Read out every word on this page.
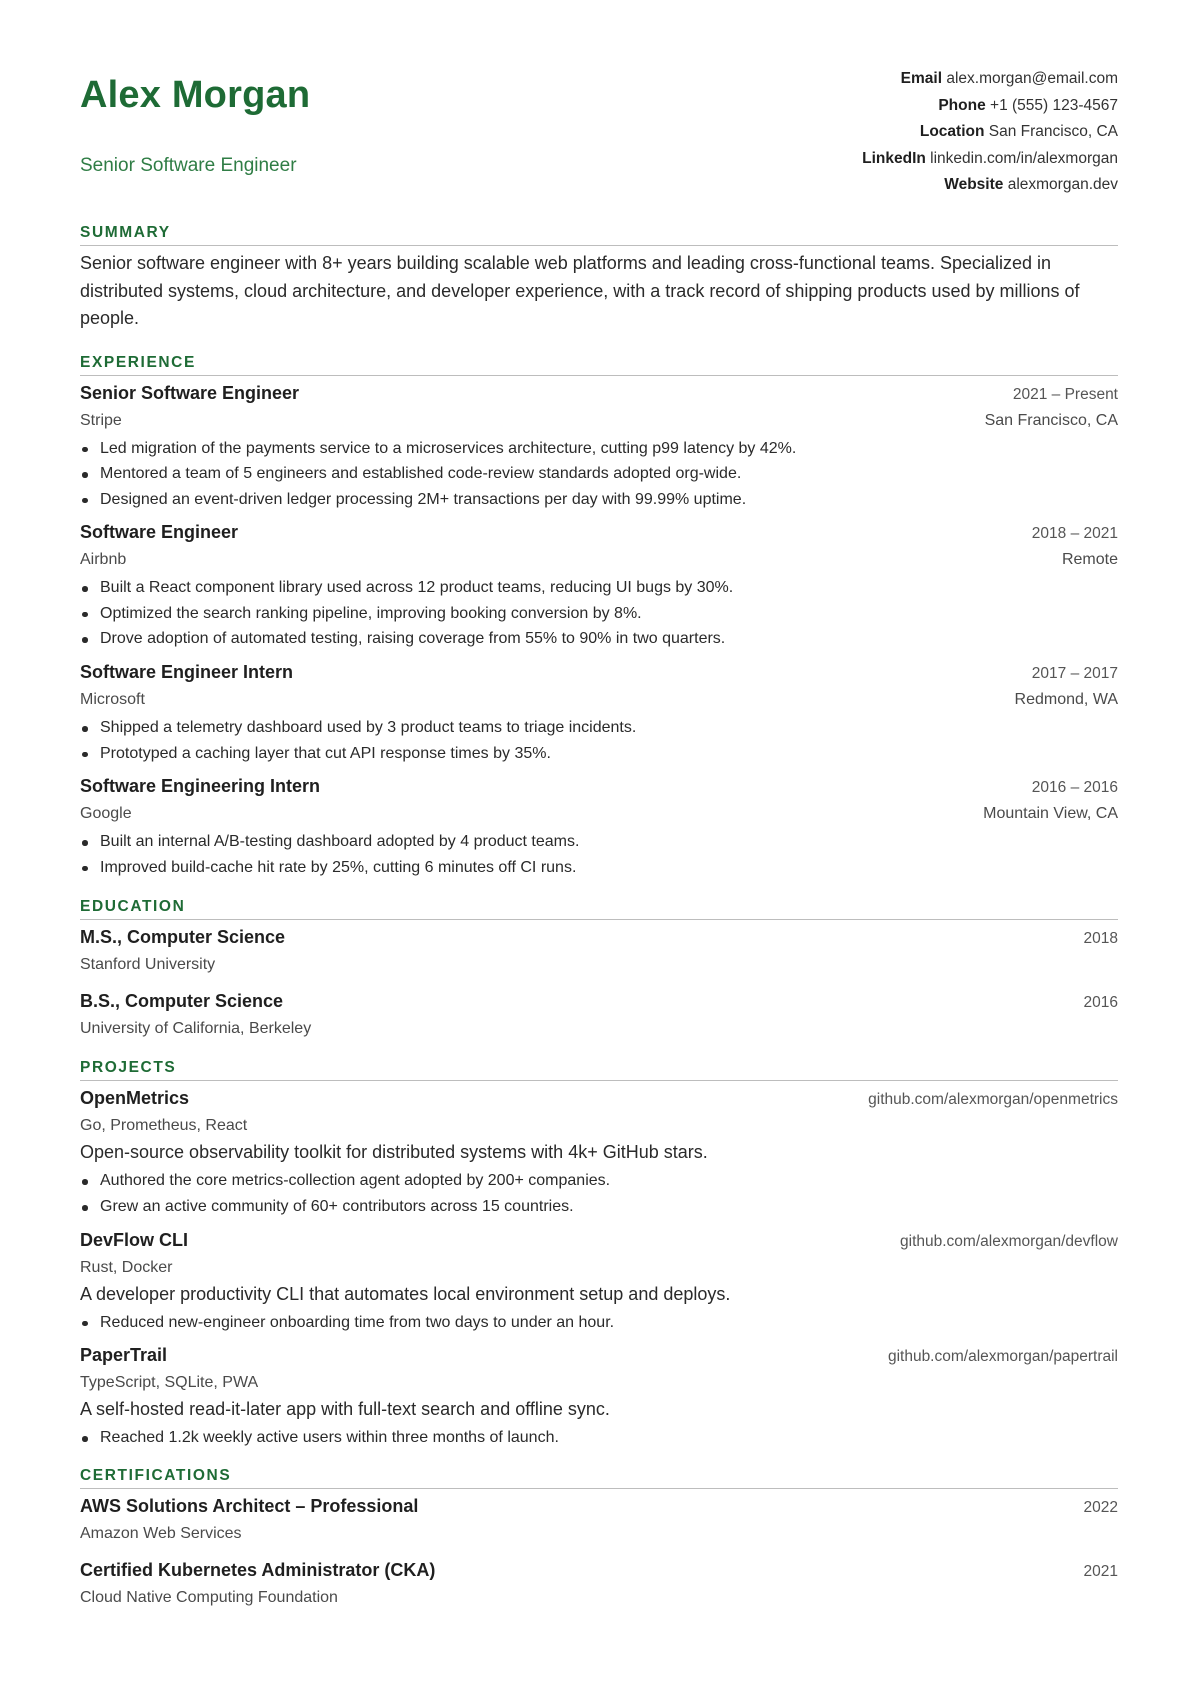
Alex Morgan
Senior Software Engineer
Email alex.morgan@email.com
Phone +1 (555) 123-4567
Location San Francisco, CA
LinkedIn linkedin.com/in/alexmorgan
Website alexmorgan.dev
SUMMARY
Senior software engineer with 8+ years building scalable web platforms and leading cross-functional teams. Specialized in distributed systems, cloud architecture, and developer experience, with a track record of shipping products used by millions of people.
EXPERIENCE
Senior Software Engineer	2021 – Present
Stripe	San Francisco, CA
Led migration of the payments service to a microservices architecture, cutting p99 latency by 42%.
Mentored a team of 5 engineers and established code-review standards adopted org-wide.
Designed an event-driven ledger processing 2M+ transactions per day with 99.99% uptime.
Software Engineer	2018 – 2021
Airbnb	Remote
Built a React component library used across 12 product teams, reducing UI bugs by 30%.
Optimized the search ranking pipeline, improving booking conversion by 8%.
Drove adoption of automated testing, raising coverage from 55% to 90% in two quarters.
Software Engineer Intern	2017 – 2017
Microsoft	Redmond, WA
Shipped a telemetry dashboard used by 3 product teams to triage incidents.
Prototyped a caching layer that cut API response times by 35%.
Software Engineering Intern	2016 – 2016
Google	Mountain View, CA
Built an internal A/B-testing dashboard adopted by 4 product teams.
Improved build-cache hit rate by 25%, cutting 6 minutes off CI runs.
EDUCATION
M.S., Computer Science	2018
Stanford University
B.S., Computer Science	2016
University of California, Berkeley
PROJECTS
OpenMetrics	github.com/alexmorgan/openmetrics
Go, Prometheus, React
Open-source observability toolkit for distributed systems with 4k+ GitHub stars.
Authored the core metrics-collection agent adopted by 200+ companies.
Grew an active community of 60+ contributors across 15 countries.
DevFlow CLI	github.com/alexmorgan/devflow
Rust, Docker
A developer productivity CLI that automates local environment setup and deploys.
Reduced new-engineer onboarding time from two days to under an hour.
PaperTrail	github.com/alexmorgan/papertrail
TypeScript, SQLite, PWA
A self-hosted read-it-later app with full-text search and offline sync.
Reached 1.2k weekly active users within three months of launch.
CERTIFICATIONS
AWS Solutions Architect – Professional	2022
Amazon Web Services
Certified Kubernetes Administrator (CKA)	2021
Cloud Native Computing Foundation
